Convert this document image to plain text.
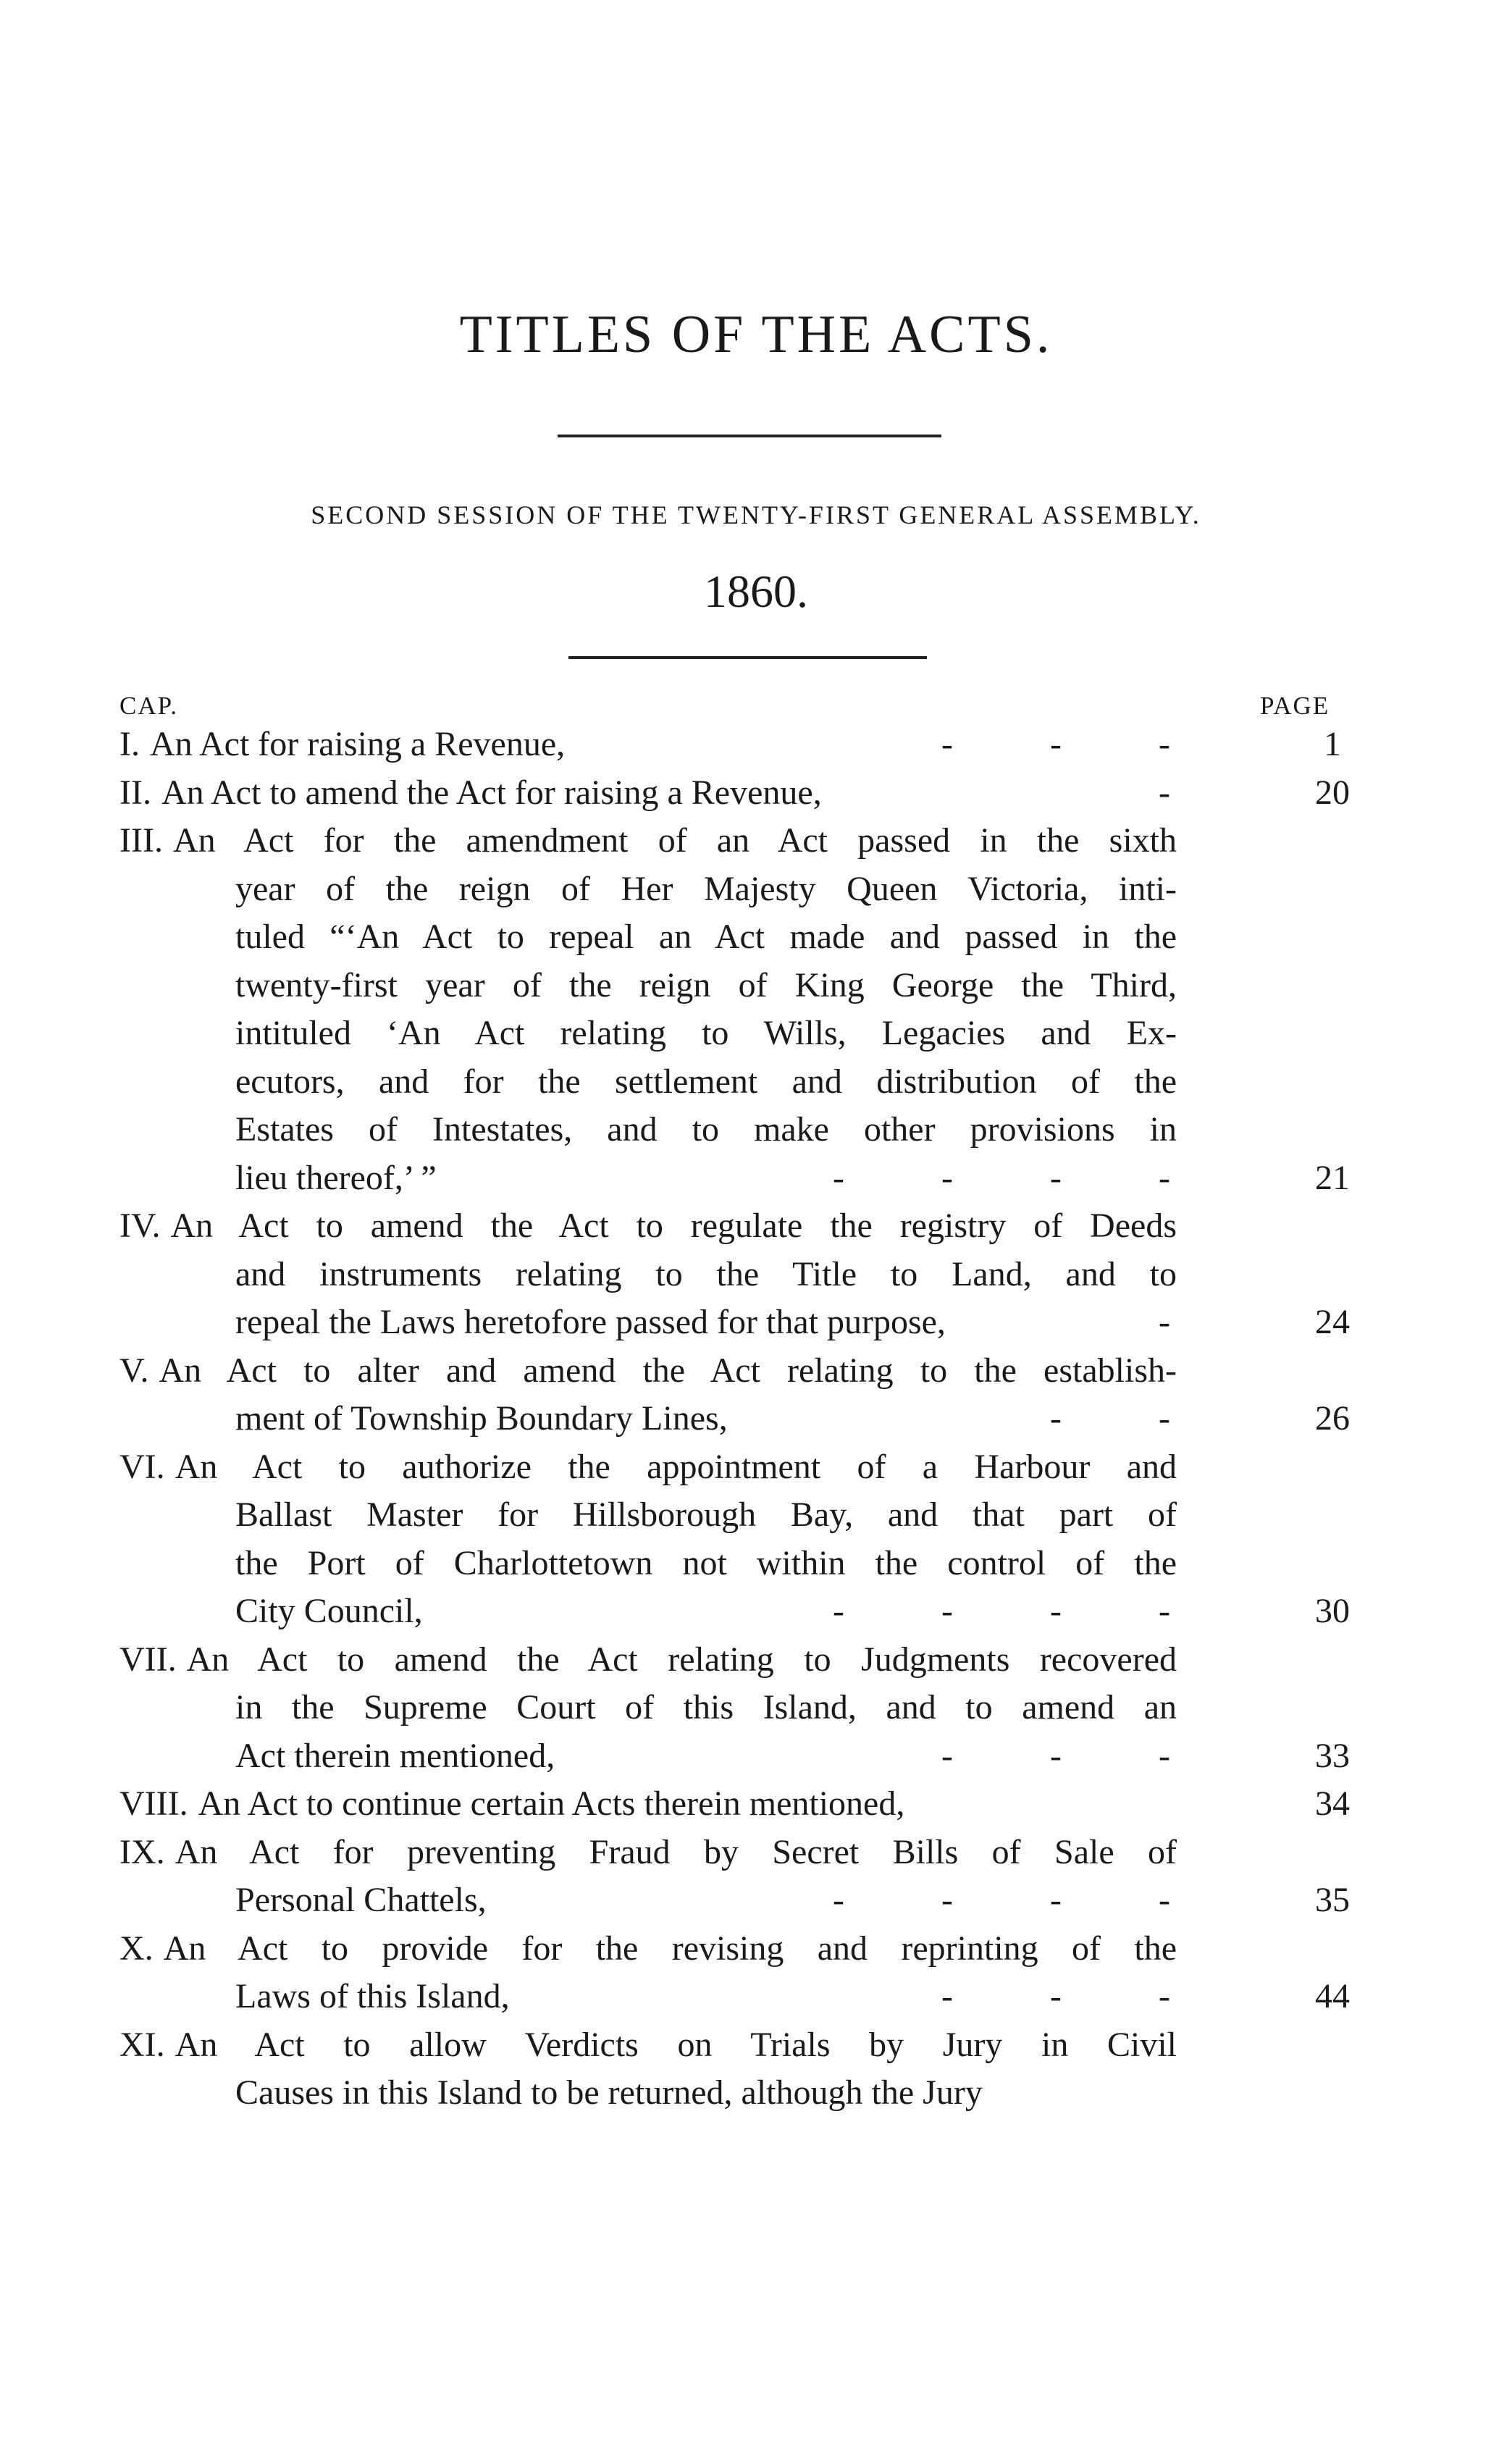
TITLES OF THE ACTS.
SECOND SESSION OF THE TWENTY-FIRST GENERAL ASSEMBLY.
1860.
CAP.	PAGE
I. An Act for raising a Revenue,	-	-	-	1
II. An Act to amend the Act for raising a Revenue,	-	20
III. An Act for the amendment of an Act passed in the sixth
year of the reign of Her Majesty Queen Victoria, inti-
tuled “‘An Act to repeal an Act made and passed in the
twenty-first year of the reign of King George the Third,
intituled ‘An Act relating to Wills, Legacies and Ex-
ecutors, and for the settlement and distribution of the
Estates of Intestates, and to make other provisions in
lieu thereof,’ ”	-	-	-	-	21
IV. An Act to amend the Act to regulate the registry of Deeds
and instruments relating to the Title to Land, and to
repeal the Laws heretofore passed for that purpose,	-	24
V. An Act to alter and amend the Act relating to the establish-
ment of Township Boundary Lines,	-	-	26
VI. An Act to authorize the appointment of a Harbour and
Ballast Master for Hillsborough Bay, and that part of
the Port of Charlottetown not within the control of the
City Council,	-	-	-	-	30
VII. An Act to amend the Act relating to Judgments recovered
in the Supreme Court of this Island, and to amend an
Act therein mentioned,	-	-	-	33
VIII. An Act to continue certain Acts therein mentioned,	34
IX. An Act for preventing Fraud by Secret Bills of Sale of
Personal Chattels,	-	-	-	-	35
X. An Act to provide for the revising and reprinting of the
Laws of this Island,	-	-	-	44
XI. An Act to allow Verdicts on Trials by Jury in Civil
Causes in this Island to be returned, although the Jury
